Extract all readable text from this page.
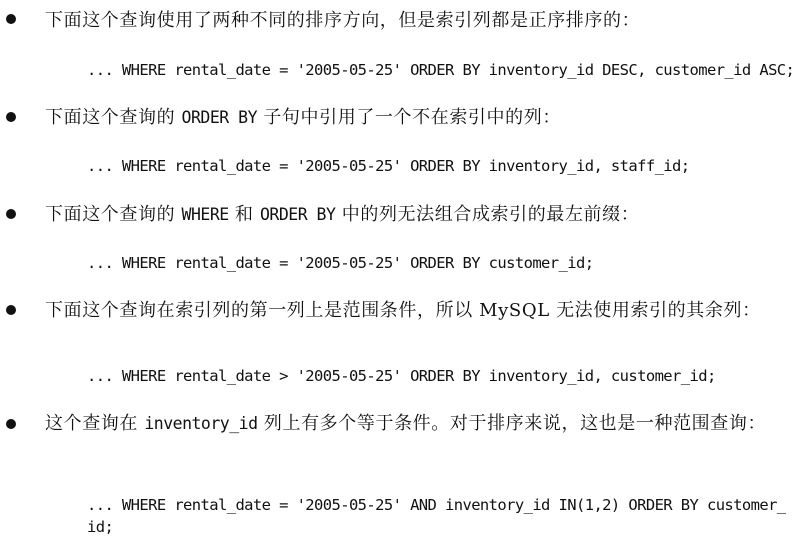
下面这个查询使用了两种不同的排序方向，但是索引列都是正序排序的：
... WHERE rental_date = '2005-05-25' ORDER BY inventory_id DESC, customer_id ASC;
下面这个查询的 ORDER BY 子句中引用了一个不在索引中的列：
... WHERE rental_date = '2005-05-25' ORDER BY inventory_id, staff_id;
下面这个查询的 WHERE 和 ORDER BY 中的列无法组合成索引的最左前缀：
... WHERE rental_date = '2005-05-25' ORDER BY customer_id;
下面这个查询在索引列的第一列上是范围条件，所以 MySQL 无法使用索引的其余列：
... WHERE rental_date > '2005-05-25' ORDER BY inventory_id, customer_id;
这个查询在 inventory_id 列上有多个等于条件。对于排序来说，这也是一种范围查询：
... WHERE rental_date = '2005-05-25' AND inventory_id IN(1,2) ORDER BY customer_
id;
